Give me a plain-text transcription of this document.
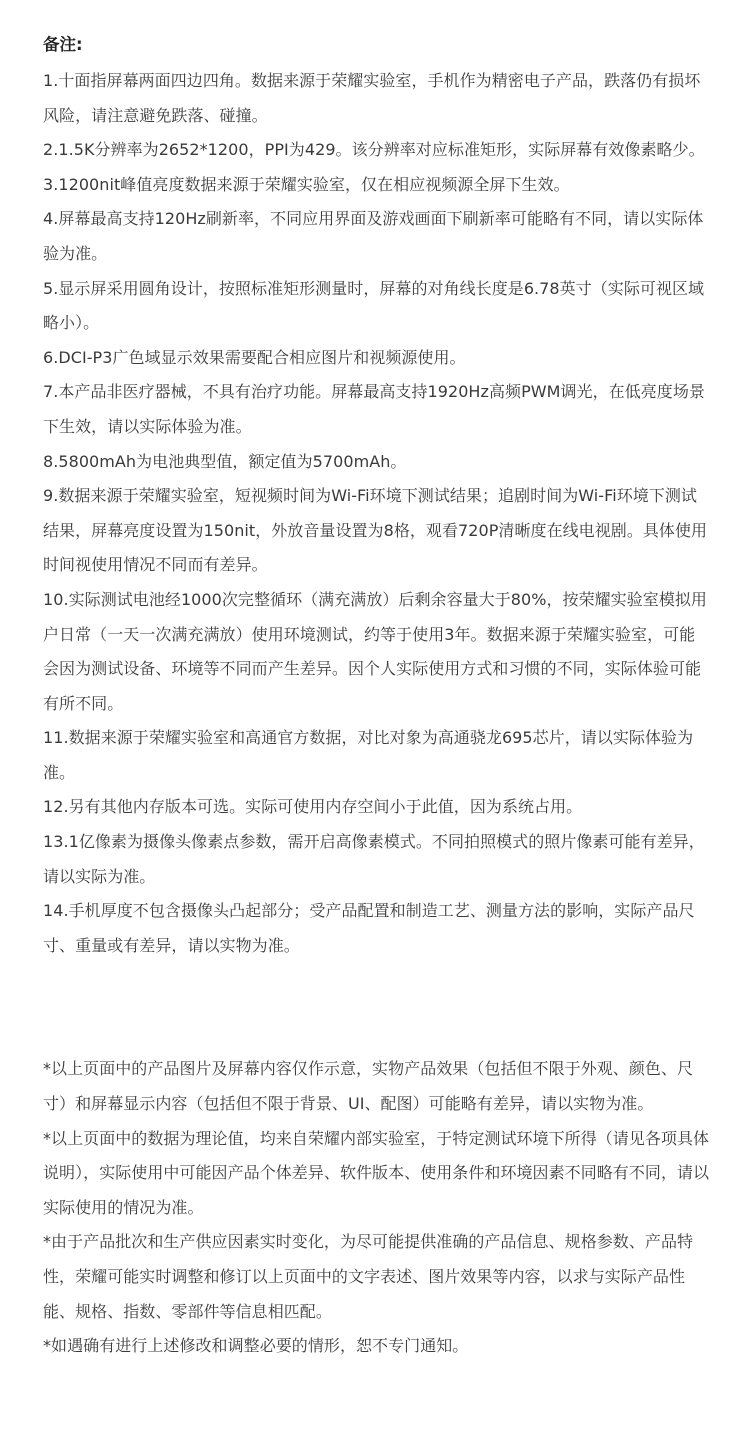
备注:
1.十面指屏幕两面四边四角。数据来源于荣耀实验室，手机作为精密电子产品，跌落仍有损坏风险，请注意避免跌落、碰撞。
2.1.5K分辨率为2652*1200，PPI为429。该分辨率对应标准矩形，实际屏幕有效像素略少。
3.1200nit峰值亮度数据来源于荣耀实验室，仅在相应视频源全屏下生效。
4.屏幕最高支持120Hz刷新率，不同应用界面及游戏画面下刷新率可能略有不同，请以实际体验为准。
5.显示屏采用圆角设计，按照标准矩形测量时，屏幕的对角线长度是6.78英寸（实际可视区域略小）。
6.DCI-P3广色域显示效果需要配合相应图片和视频源使用。
7.本产品非医疗器械，不具有治疗功能。屏幕最高支持1920Hz高频PWM调光，在低亮度场景下生效，请以实际体验为准。
8.5800mAh为电池典型值，额定值为5700mAh。
9.数据来源于荣耀实验室，短视频时间为Wi-Fi环境下测试结果；追剧时间为Wi-Fi环境下测试结果，屏幕亮度设置为150nit，外放音量设置为8格，观看720P清晰度在线电视剧。具体使用时间视使用情况不同而有差异。
10.实际测试电池经1000次完整循环（满充满放）后剩余容量大于80%，按荣耀实验室模拟用户日常（一天一次满充满放）使用环境测试，约等于使用3年。数据来源于荣耀实验室，可能会因为测试设备、环境等不同而产生差异。因个人实际使用方式和习惯的不同，实际体验可能有所不同。
11.数据来源于荣耀实验室和高通官方数据，对比对象为高通骁龙695芯片，请以实际体验为准。
12.另有其他内存版本可选。实际可使用内存空间小于此值，因为系统占用。
13.1亿像素为摄像头像素点参数，需开启高像素模式。不同拍照模式的照片像素可能有差异，请以实际为准。
14.手机厚度不包含摄像头凸起部分；受产品配置和制造工艺、测量方法的影响，实际产品尺寸、重量或有差异，请以实物为准。
*以上页面中的产品图片及屏幕内容仅作示意，实物产品效果（包括但不限于外观、颜色、尺寸）和屏幕显示内容（包括但不限于背景、UI、配图）可能略有差异，请以实物为准。
*以上页面中的数据为理论值，均来自荣耀内部实验室，于特定测试环境下所得（请见各项具体说明），实际使用中可能因产品个体差异、软件版本、使用条件和环境因素不同略有不同，请以实际使用的情况为准。
*由于产品批次和生产供应因素实时变化，为尽可能提供准确的产品信息、规格参数、产品特性，荣耀可能实时调整和修订以上页面中的文字表述、图片效果等内容，以求与实际产品性能、规格、指数、零部件等信息相匹配。
*如遇确有进行上述修改和调整必要的情形，恕不专门通知。
